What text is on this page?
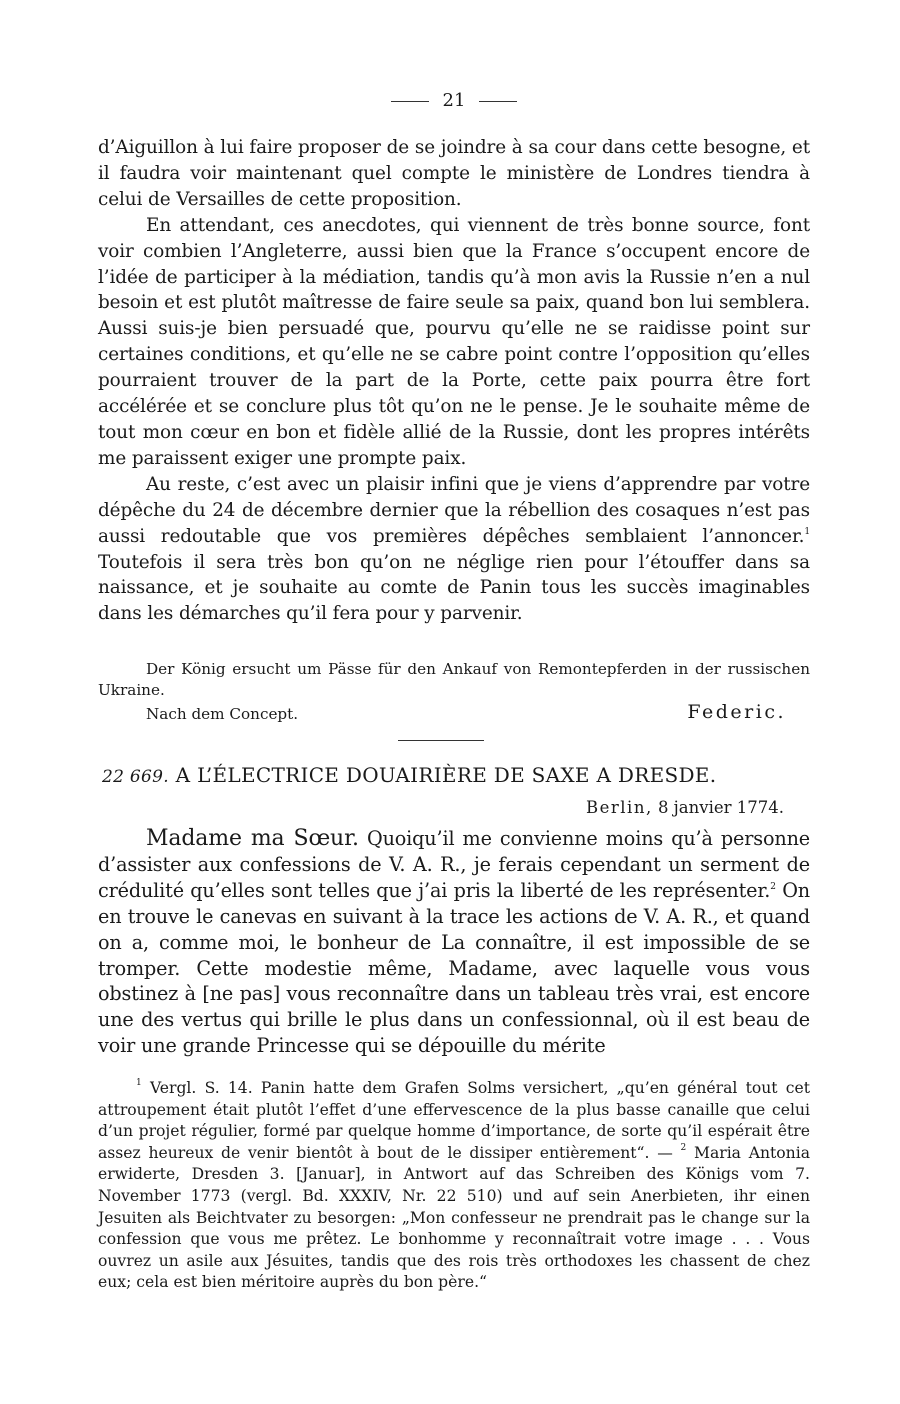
21

d’Aiguillon à lui faire proposer de se joindre à sa cour dans cette besogne, et il faudra voir maintenant quel compte le ministère de Londres tiendra à celui de Versailles de cette proposition.

En attendant, ces anecdotes, qui viennent de très bonne source, font voir combien l’Angleterre, aussi bien que la France s’occupent encore de l’idée de participer à la médiation, tandis qu’à mon avis la Russie n’en a nul besoin et est plutôt maîtresse de faire seule sa paix, quand bon lui semblera. Aussi suis-je bien persuadé que, pourvu qu’elle ne se raidisse point sur certaines conditions, et qu’elle ne se cabre point contre l’opposition qu’elles pourraient trouver de la part de la Porte, cette paix pourra être fort accélérée et se conclure plus tôt qu’on ne le pense. Je le souhaite même de tout mon cœur en bon et fidèle allié de la Russie, dont les propres intérêts me paraissent exiger une prompte paix.

Au reste, c’est avec un plaisir infini que je viens d’apprendre par votre dépêche du 24 de décembre dernier que la rébellion des cosaques n’est pas aussi redoutable que vos premières dépêches semblaient l’annoncer.$^1$ Toutefois il sera très bon qu’on ne néglige rien pour l’étouffer dans sa naissance, et je souhaite au comte de Panin tous les succès imaginables dans les démarches qu’il fera pour y parvenir.

Der König ersucht um Pässe für den Ankauf von Remontepferden in der russischen Ukraine.

Nach dem Concept.	Federic.
22 669. A L’ÉLECTRICE DOUAIRIÈRE DE SAXE A DRESDE.
Berlin, 8 janvier 1774.

Madame ma Sœur. Quoiqu’il me convienne moins qu’à personne d’assister aux confessions de V. A. R., je ferais cependant un serment de crédulité qu’elles sont telles que j’ai pris la liberté de les représenter.$^2$ On en trouve le canevas en suivant à la trace les actions de V. A. R., et quand on a, comme moi, le bonheur de La connaître, il est impossible de se tromper. Cette modestie même, Madame, avec laquelle vous vous obstinez à [ne pas] vous reconnaître dans un tableau très vrai, est encore une des vertus qui brille le plus dans un confessionnal, où il est beau de voir une grande Princesse qui se dépouille du mérite

$^1$ Vergl. S. 14. Panin hatte dem Grafen Solms versichert, „qu’en général tout cet attroupement était plutôt l’effet d’une effervescence de la plus basse canaille que celui d’un projet régulier, formé par quelque homme d’importance, de sorte qu’il espérait être assez heureux de venir bientôt à bout de le dissiper entièrement“. — $^2$ Maria Antonia erwiderte, Dresden 3. [Januar], in Antwort auf das Schreiben des Königs vom 7. November 1773 (vergl. Bd. XXXIV, Nr. 22 510) und auf sein Anerbieten, ihr einen Jesuiten als Beichtvater zu besorgen: „Mon confesseur ne prendrait pas le change sur la confession que vous me prêtez. Le bonhomme y reconnaîtrait votre image . . . Vous ouvrez un asile aux Jésuites, tandis que des rois très orthodoxes les chassent de chez eux; cela est bien méritoire auprès du bon père.“
